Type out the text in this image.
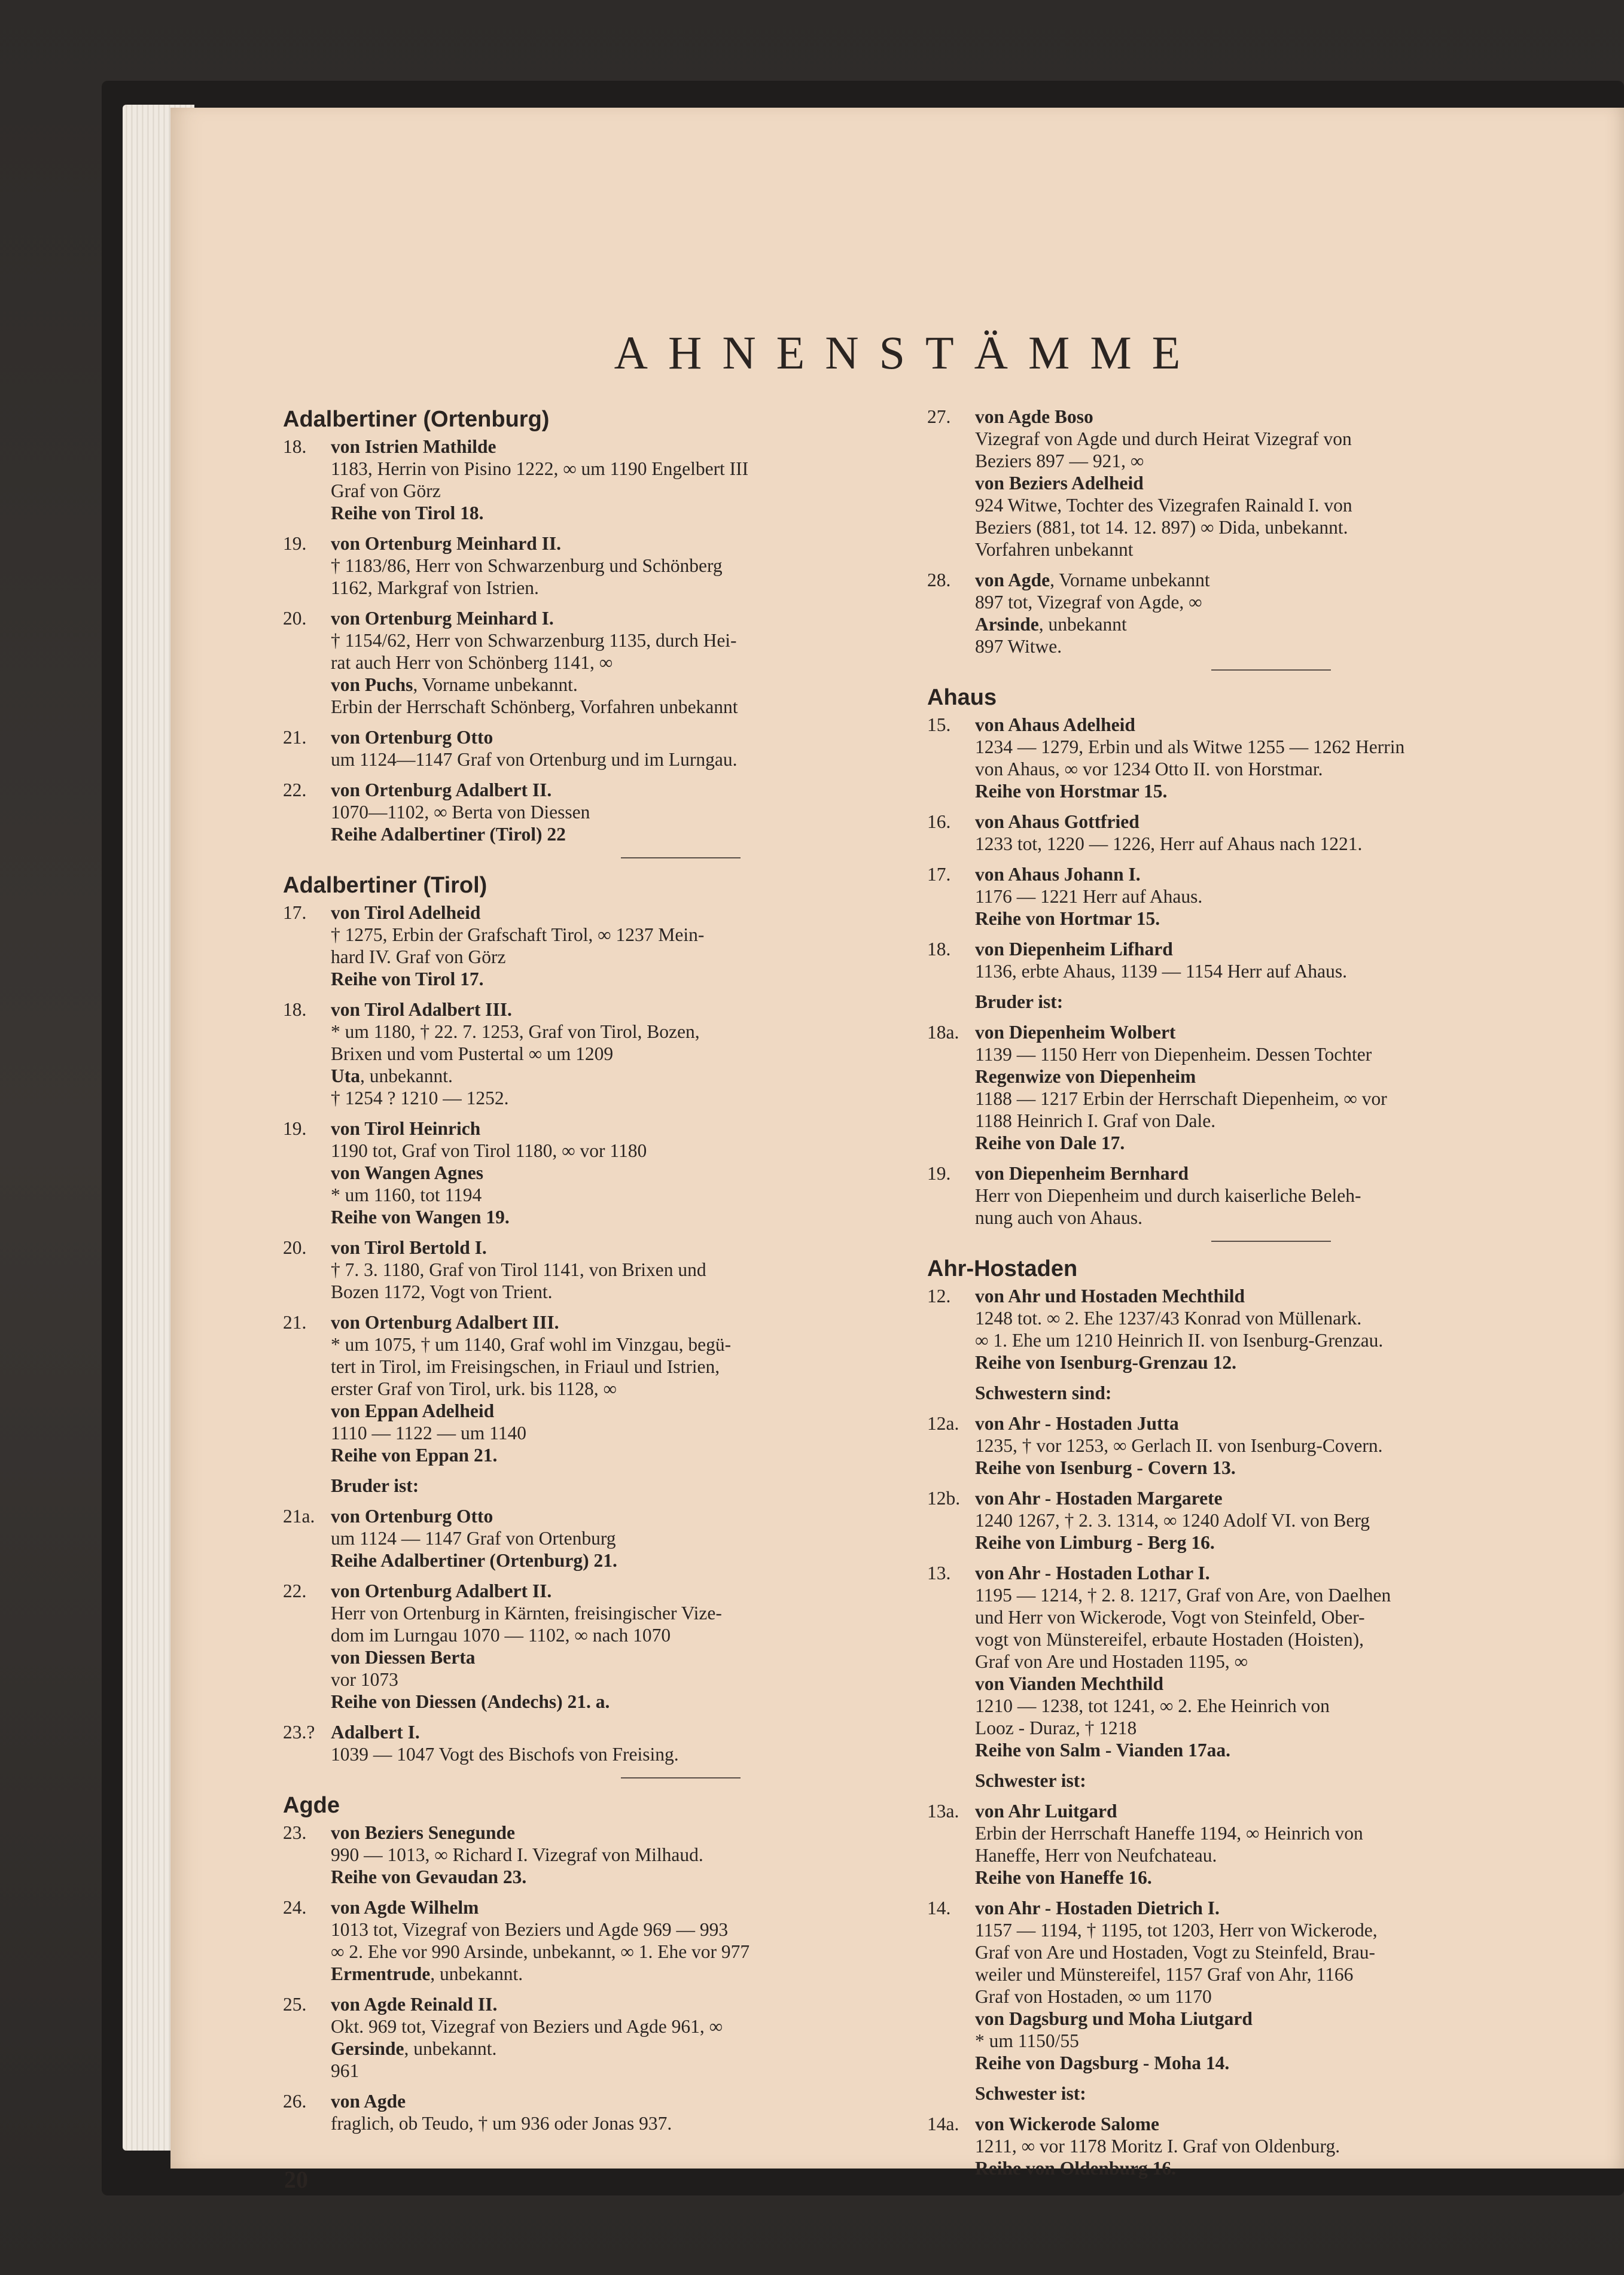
AHNENSTÄMME
Adalbertiner (Ortenburg)
18.	von Istrien Mathilde
1183, Herrin von Pisino 1222, ∞ um 1190 Engelbert III
Graf von Görz
Reihe von Tirol 18.
19.	von Ortenburg Meinhard II.
† 1183/86, Herr von Schwarzenburg und Schönberg
1162, Markgraf von Istrien.
20.	von Ortenburg Meinhard I.
† 1154/62, Herr von Schwarzenburg 1135, durch Hei-
rat auch Herr von Schönberg 1141, ∞
von Puchs, Vorname unbekannt.
Erbin der Herrschaft Schönberg, Vorfahren unbekannt
21.	von Ortenburg Otto
um 1124—1147 Graf von Ortenburg und im Lurngau.
22.	von Ortenburg Adalbert II.
1070—1102, ∞ Berta von Diessen
Reihe Adalbertiner (Tirol) 22
Adalbertiner (Tirol)
17.	von Tirol Adelheid
† 1275, Erbin der Grafschaft Tirol, ∞ 1237 Mein-
hard IV. Graf von Görz
Reihe von Tirol 17.
18.	von Tirol Adalbert III.
* um 1180, † 22. 7. 1253, Graf von Tirol, Bozen,
Brixen und vom Pustertal ∞ um 1209
Uta, unbekannt.
† 1254 ? 1210 — 1252.
19.	von Tirol Heinrich
1190 tot, Graf von Tirol 1180, ∞ vor 1180
von Wangen Agnes
* um 1160, tot 1194
Reihe von Wangen 19.
20.	von Tirol Bertold I.
† 7. 3. 1180, Graf von Tirol 1141, von Brixen und
Bozen 1172, Vogt von Trient.
21.	von Ortenburg Adalbert III.
* um 1075, † um 1140, Graf wohl im Vinzgau, begü-
tert in Tirol, im Freisingschen, in Friaul und Istrien,
erster Graf von Tirol, urk. bis 1128, ∞
von Eppan Adelheid
1110 — 1122 — um 1140
Reihe von Eppan 21.
Bruder ist:
21a. von Ortenburg Otto
um 1124 — 1147 Graf von Ortenburg
Reihe Adalbertiner (Ortenburg) 21.
22.	von Ortenburg Adalbert II.
Herr von Ortenburg in Kärnten, freisingischer Vize-
dom im Lurngau 1070 — 1102, ∞ nach 1070
von Diessen Berta
vor 1073
Reihe von Diessen (Andechs) 21. a.
23.? Adalbert I.
1039 — 1047 Vogt des Bischofs von Freising.
Agde
23.	von Beziers Senegunde
990 — 1013, ∞ Richard I. Vizegraf von Milhaud.
Reihe von Gevaudan 23.
24.	von Agde Wilhelm
1013 tot, Vizegraf von Beziers und Agde 969 — 993
∞ 2. Ehe vor 990 Arsinde, unbekannt, ∞ 1. Ehe vor 977
Ermentrude, unbekannt.
25.	von Agde Reinald II.
Okt. 969 tot, Vizegraf von Beziers und Agde 961, ∞
Gersinde, unbekannt.
961
26.	von Agde
fraglich, ob Teudo, † um 936 oder Jonas 937.
27.	von Agde Boso
Vizegraf von Agde und durch Heirat Vizegraf von
Beziers 897 — 921, ∞
von Beziers Adelheid
924 Witwe, Tochter des Vizegrafen Rainald I. von
Beziers (881, tot 14. 12. 897) ∞ Dida, unbekannt.
Vorfahren unbekannt
28.	von Agde, Vorname unbekannt
897 tot, Vizegraf von Agde, ∞
Arsinde, unbekannt
897 Witwe.
Ahaus
15.	von Ahaus Adelheid
1234 — 1279, Erbin und als Witwe 1255 — 1262 Herrin
von Ahaus, ∞ vor 1234 Otto II. von Horstmar.
Reihe von Horstmar 15.
16.	von Ahaus Gottfried
1233 tot, 1220 — 1226, Herr auf Ahaus nach 1221.
17.	von Ahaus Johann I.
1176 — 1221 Herr auf Ahaus.
Reihe von Hortmar 15.
18.	von Diepenheim Lifhard
1136, erbte Ahaus, 1139 — 1154 Herr auf Ahaus.
Bruder ist:
18a. von Diepenheim Wolbert
1139 — 1150 Herr von Diepenheim. Dessen Tochter
Regenwize von Diepenheim
1188 — 1217 Erbin der Herrschaft Diepenheim, ∞ vor
1188 Heinrich I. Graf von Dale.
Reihe von Dale 17.
19.	von Diepenheim Bernhard
Herr von Diepenheim und durch kaiserliche Beleh-
nung auch von Ahaus.
Ahr-Hostaden
12.	von Ahr und Hostaden Mechthild
1248 tot. ∞ 2. Ehe 1237/43 Konrad von Müllenark.
∞ 1. Ehe um 1210 Heinrich II. von Isenburg-Grenzau.
Reihe von Isenburg-Grenzau 12.
Schwestern sind:
12a. von Ahr - Hostaden Jutta
1235, † vor 1253, ∞ Gerlach II. von Isenburg-Covern.
Reihe von Isenburg - Covern 13.
12b. von Ahr - Hostaden Margarete
1240 1267, † 2. 3. 1314, ∞ 1240 Adolf VI. von Berg
Reihe von Limburg - Berg 16.
13.	von Ahr - Hostaden Lothar I.
1195 — 1214, † 2. 8. 1217, Graf von Are, von Daelhen
und Herr von Wickerode, Vogt von Steinfeld, Ober-
vogt von Münstereifel, erbaute Hostaden (Hoisten),
Graf von Are und Hostaden 1195, ∞
von Vianden Mechthild
1210 — 1238, tot 1241, ∞ 2. Ehe Heinrich von
Looz - Duraz, † 1218
Reihe von Salm - Vianden 17aa.
Schwester ist:
13a. von Ahr Luitgard
Erbin der Herrschaft Haneffe 1194, ∞ Heinrich von
Haneffe, Herr von Neufchateau.
Reihe von Haneffe 16.
14.	von Ahr - Hostaden Dietrich I.
1157 — 1194, † 1195, tot 1203, Herr von Wickerode,
Graf von Are und Hostaden, Vogt zu Steinfeld, Brau-
weiler und Münstereifel, 1157 Graf von Ahr, 1166
Graf von Hostaden, ∞ um 1170
von Dagsburg und Moha Liutgard
* um 1150/55
Reihe von Dagsburg - Moha 14.
Schwester ist:
14a. von Wickerode Salome
1211, ∞ vor 1178 Moritz I. Graf von Oldenburg.
Reihe von Oldenburg 16.
20
